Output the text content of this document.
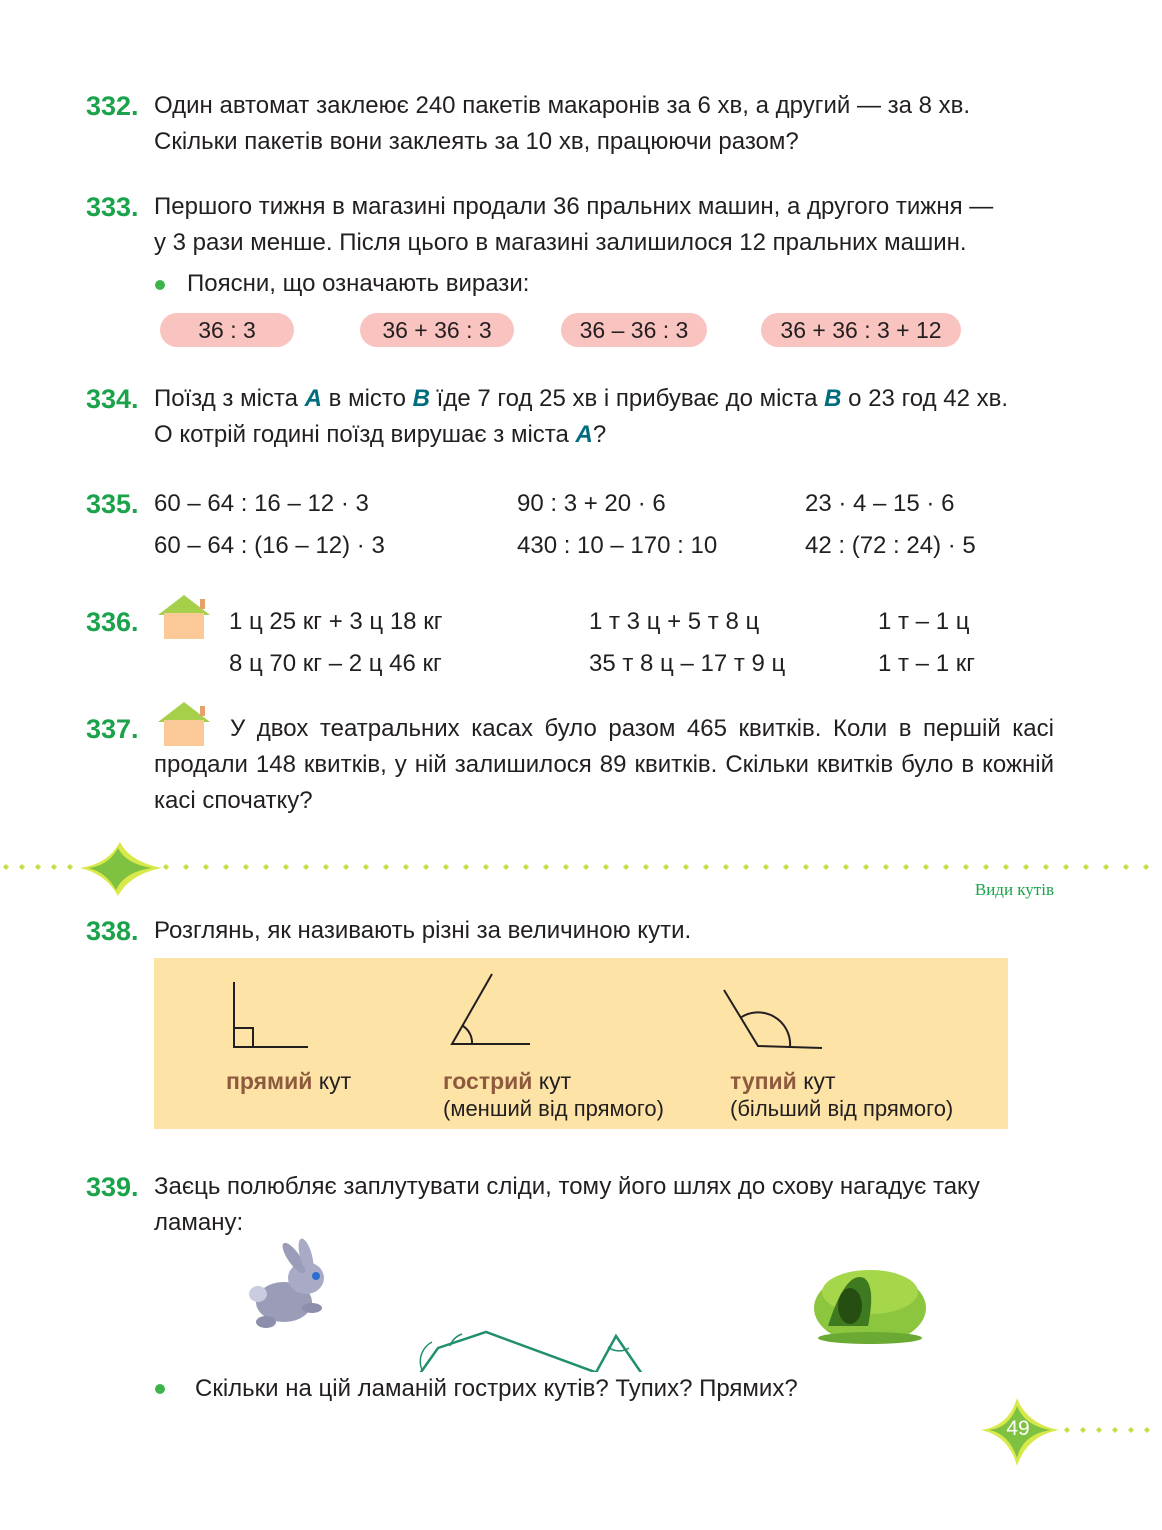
332. Один автомат заклеює 240 пакетів макаронів за 6 хв, а другий — за 8 хв.
Скільки пакетів вони заклеять за 10 хв, працюючи разом?
333. Першого тижня в магазині продали 36 пральних машин, а другого тижня —
у 3 рази менше. Після цього в магазині залишилося 12 пральних машин.
Поясни, що означають вирази:
36 : 3	36 + 36 : 3	36 – 36 : 3	36 + 36 : 3 + 12
334. Поїзд з міста А в місто В їде 7 год 25 хв і прибуває до міста В о 23 год 42 хв.
О котрій годині поїзд вирушає з міста А?
335. 60 – 64 : 16 – 12 · 3	90 : 3 + 20 · 6	23 · 4 – 15 · 6
60 – 64 : (16 – 12) · 3	430 : 10 – 170 : 10	42 : (72 : 24) · 5
336.	1 ц 25 кг + 3 ц 18 кг	1 т 3 ц + 5 т 8 ц	1 т – 1 ц
8 ц 70 кг – 2 ц 46 кг	35 т 8 ц – 17 т 9 ц	1 т – 1 кг
337.	У двох театральних касах було разом 465 квитків. Коли в першій касі продали 148 квитків, у ній залишилося 89 квитків. Скільки квитків було в кожній касі спочатку?
Види кутів
338. Розглянь, як називають різні за величиною кути.
прямий кут	гострий кут
(менший від прямого)
тупий кут
(більший від прямого)
339. Заєць полюбляє заплутувати сліди, тому його шлях до схову нагадує таку
ламану:
Скільки на цій ламаній гострих кутів? Тупих? Прямих?
49
